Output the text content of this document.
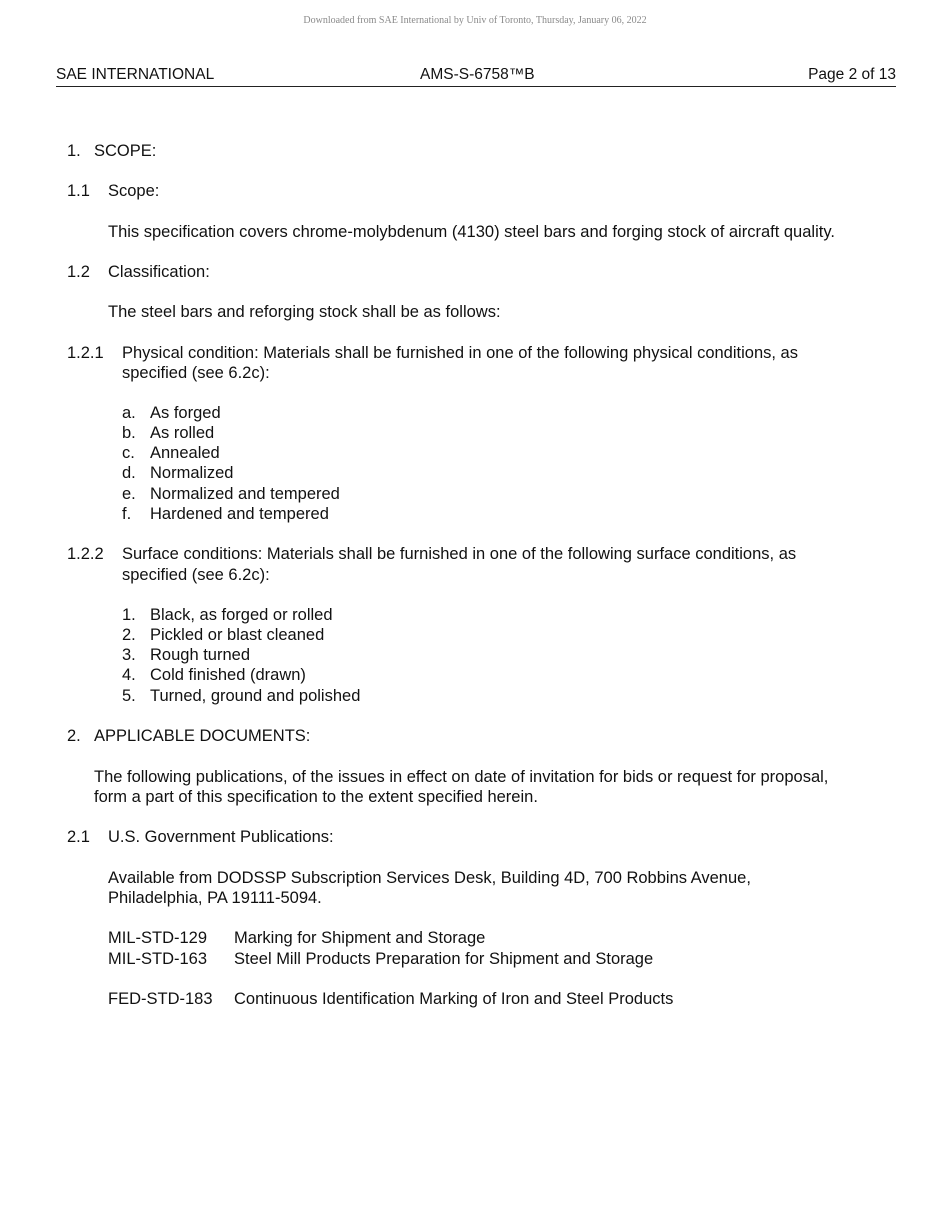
Downloaded from SAE International by Univ of Toronto, Thursday, January 06, 2022
SAE INTERNATIONAL	AMS-S-6758™B	Page 2 of 13
1. SCOPE:
1.1 Scope:
This specification covers chrome-molybdenum (4130) steel bars and forging stock of aircraft quality.
1.2 Classification:
The steel bars and reforging stock shall be as follows:
1.2.1 Physical condition: Materials shall be furnished in one of the following physical conditions, as
specified (see 6.2c):
a. As forged
b. As rolled
c. Annealed
d. Normalized
e. Normalized and tempered
f. Hardened and tempered
1.2.2 Surface conditions: Materials shall be furnished in one of the following surface conditions, as
specified (see 6.2c):
1. Black, as forged or rolled
2. Pickled or blast cleaned
3. Rough turned
4. Cold finished (drawn)
5. Turned, ground and polished
2. APPLICABLE DOCUMENTS:
The following publications, of the issues in effect on date of invitation for bids or request for proposal,
form a part of this specification to the extent specified herein.
2.1 U.S. Government Publications:
Available from DODSSP Subscription Services Desk, Building 4D, 700 Robbins Avenue,
Philadelphia, PA 19111-5094.
MIL-STD-129 Marking for Shipment and Storage
MIL-STD-163 Steel Mill Products Preparation for Shipment and Storage
FED-STD-183 Continuous Identification Marking of Iron and Steel Products
